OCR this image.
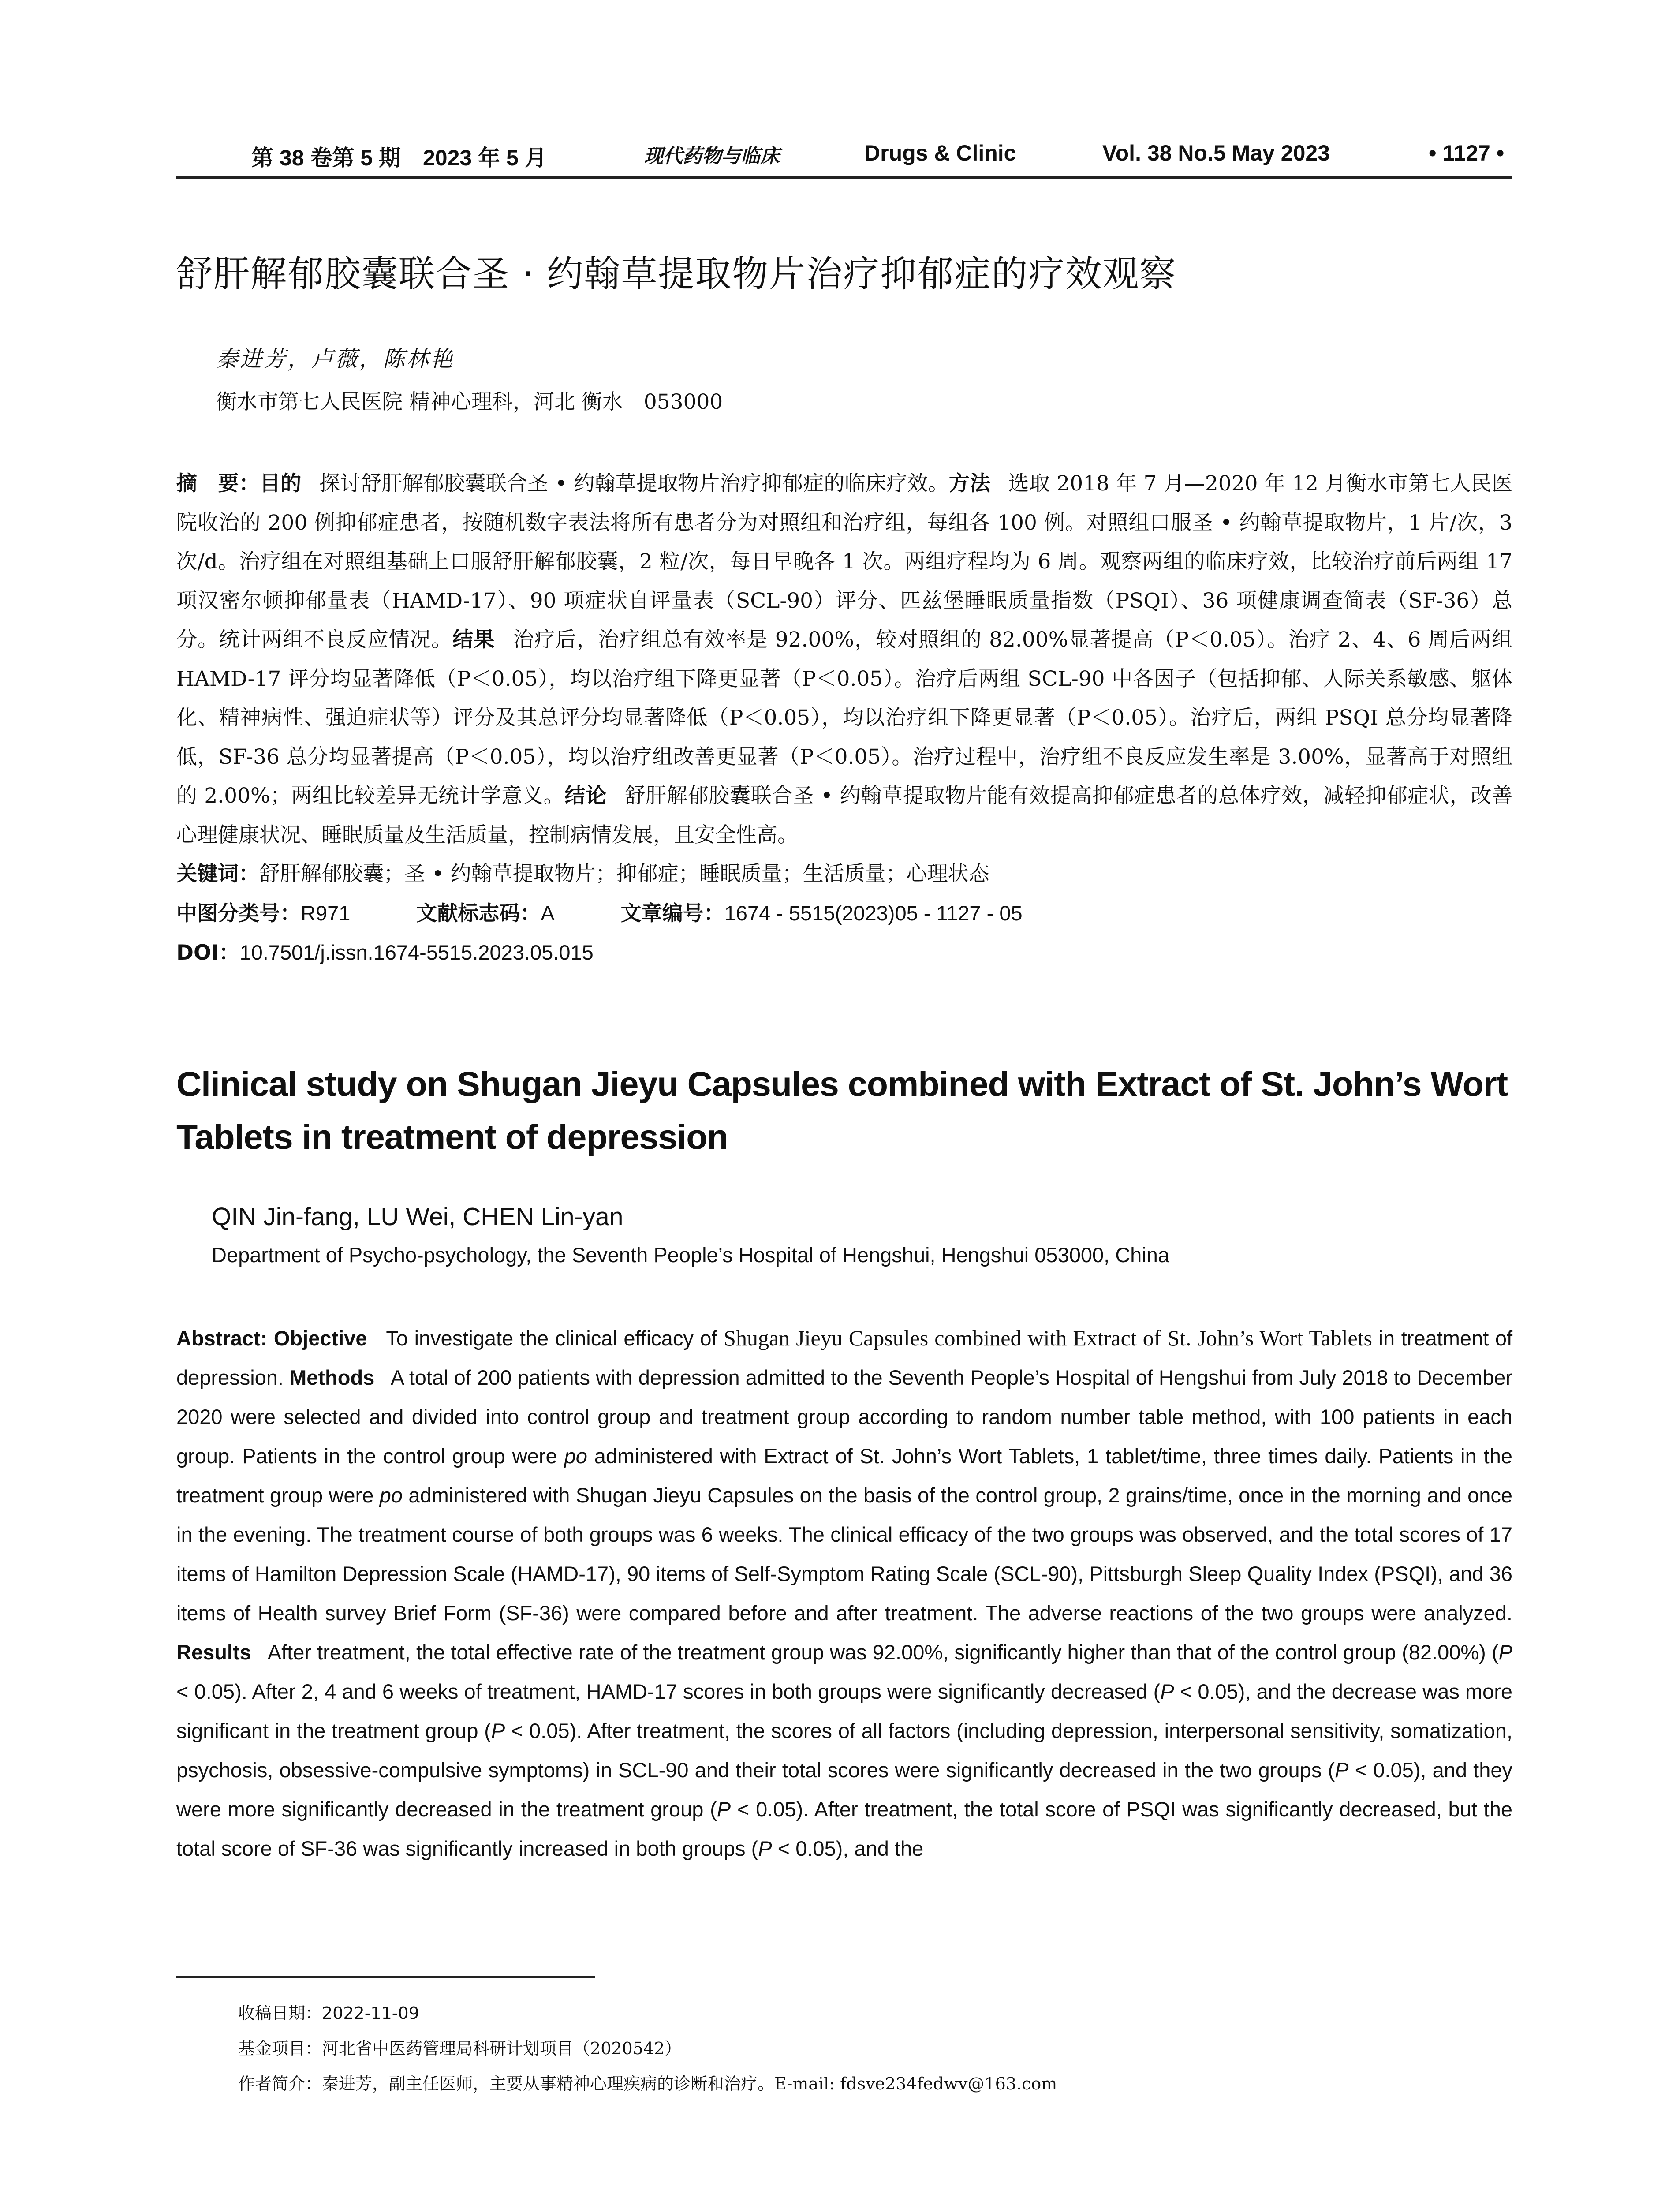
第 38 卷第 5 期　2023 年 5 月	现代药物与临床	Drugs & Clinic	Vol. 38 No.5 May 2023	• 1127 •
舒肝解郁胶囊联合圣 · 约翰草提取物片治疗抑郁症的疗效观察
秦进芳，卢薇，陈林艳
衡水市第七人民医院 精神心理科，河北 衡水　053000

摘　要：目的 探讨舒肝解郁胶囊联合圣 • 约翰草提取物片治疗抑郁症的临床疗效。方法 选取 2018 年 7 月—2020 年 12 月衡水市第七人民医院收治的 200 例抑郁症患者，按随机数字表法将所有患者分为对照组和治疗组，每组各 100 例。对照组口服圣 • 约翰草提取物片，1 片/次，3 次/d。治疗组在对照组基础上口服舒肝解郁胶囊，2 粒/次，每日早晚各 1 次。两组疗程均为 6 周。观察两组的临床疗效，比较治疗前后两组 17 项汉密尔顿抑郁量表（HAMD-17）、90 项症状自评量表（SCL-90）评分、匹兹堡睡眠质量指数（PSQI）、36 项健康调查简表（SF-36）总分。统计两组不良反应情况。结果 治疗后，治疗组总有效率是 92.00%，较对照组的 82.00%显著提高（P＜0.05）。治疗 2、4、6 周后两组 HAMD-17 评分均显著降低（P＜0.05），均以治疗组下降更显著（P＜0.05）。治疗后两组 SCL-90 中各因子（包括抑郁、人际关系敏感、躯体化、精神病性、强迫症状等）评分及其总评分均显著降低（P＜0.05），均以治疗组下降更显著（P＜0.05）。治疗后，两组 PSQI 总分均显著降低，SF-36 总分均显著提高（P＜0.05），均以治疗组改善更显著（P＜0.05）。治疗过程中，治疗组不良反应发生率是 3.00%，显著高于对照组的 2.00%；两组比较差异无统计学意义。结论 舒肝解郁胶囊联合圣 • 约翰草提取物片能有效提高抑郁症患者的总体疗效，减轻抑郁症状，改善心理健康状况、睡眠质量及生活质量，控制病情发展，且安全性高。

关键词：舒肝解郁胶囊；圣 • 约翰草提取物片；抑郁症；睡眠质量；生活质量；心理状态

中图分类号：R971	文献标志码：A	文章编号：1674 - 5515(2023)05 - 1127 - 05

DOI：10.7501/j.issn.1674-5515.2023.05.015

Clinical study on Shugan Jieyu Capsules combined with Extract of St. John’s Wort Tablets in treatment of depression
QIN Jin-fang, LU Wei, CHEN Lin-yan
Department of Psycho-psychology, the Seventh People’s Hospital of Hengshui, Hengshui 053000, China
Abstract: Objective To investigate the clinical efficacy of Shugan Jieyu Capsules combined with Extract of St. John’s Wort Tablets in treatment of depression. Methods A total of 200 patients with depression admitted to the Seventh People’s Hospital of Hengshui from July 2018 to December 2020 were selected and divided into control group and treatment group according to random number table method, with 100 patients in each group. Patients in the control group were po administered with Extract of St. John’s Wort Tablets, 1 tablet/time, three times daily. Patients in the treatment group were po administered with Shugan Jieyu Capsules on the basis of the control group, 2 grains/time, once in the morning and once in the evening. The treatment course of both groups was 6 weeks. The clinical efficacy of the two groups was observed, and the total scores of 17 items of Hamilton Depression Scale (HAMD-17), 90 items of Self-Symptom Rating Scale (SCL-90), Pittsburgh Sleep Quality Index (PSQI), and 36 items of Health survey Brief Form (SF-36) were compared before and after treatment. The adverse reactions of the two groups were analyzed. Results After treatment, the total effective rate of the treatment group was 92.00%, significantly higher than that of the control group (82.00%) (P < 0.05). After 2, 4 and 6 weeks of treatment, HAMD-17 scores in both groups were significantly decreased (P < 0.05), and the decrease was more significant in the treatment group (P < 0.05). After treatment, the scores of all factors (including depression, interpersonal sensitivity, somatization, psychosis, obsessive-compulsive symptoms) in SCL-90 and their total scores were significantly decreased in the two groups (P < 0.05), and they were more significantly decreased in the treatment group (P < 0.05). After treatment, the total score of PSQI was significantly decreased, but the total score of SF-36 was significantly increased in both groups (P < 0.05), and the
收稿日期：2022-11-09
基金项目：河北省中医药管理局科研计划项目（2020542）
作者简介：秦进芳，副主任医师，主要从事精神心理疾病的诊断和治疗。E-mail: fdsve234fedwv@163.com
